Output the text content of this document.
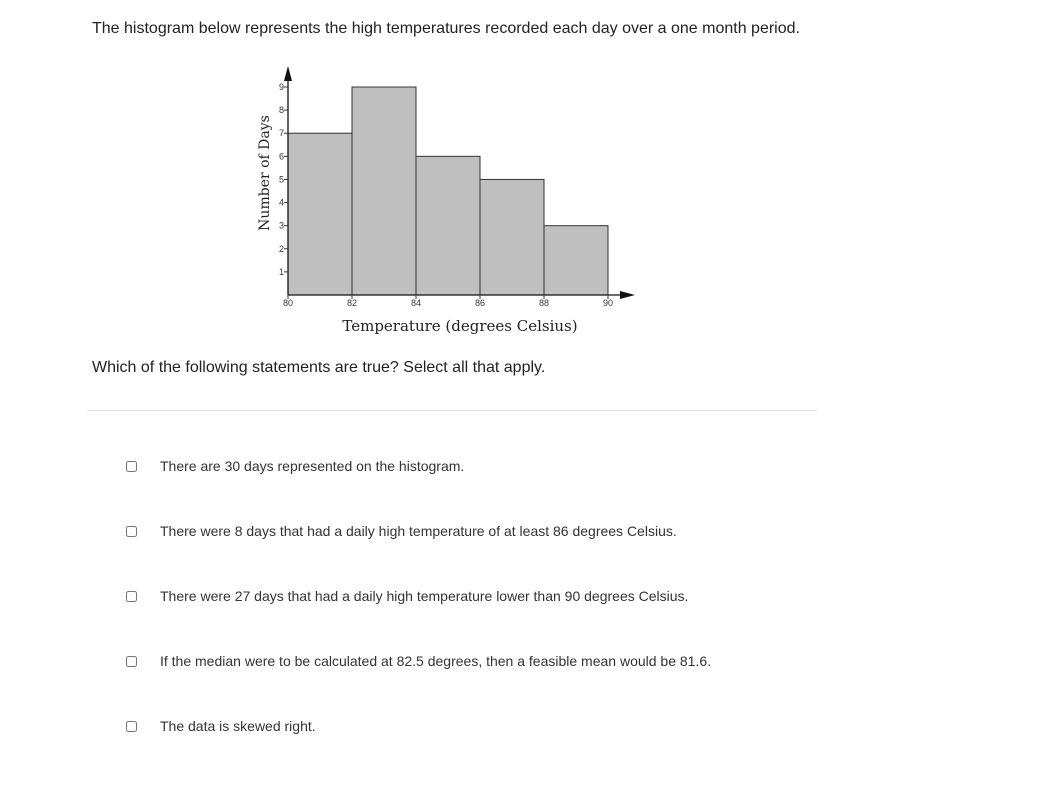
The histogram below represents the high temperatures recorded each day over a one month period.

1
2
3
4
5
6
7
8
9
80	82	84	86	88	90
Number of Days
Temperature (degrees Celsius)

Which of the following statements are true? Select all that apply.

There are 30 days represented on the histogram.
There were 8 days that had a daily high temperature of at least 86 degrees Celsius.
There were 27 days that had a daily high temperature lower than 90 degrees Celsius.
If the median were to be calculated at 82.5 degrees, then a feasible mean would be 81.6.
The data is skewed right.
